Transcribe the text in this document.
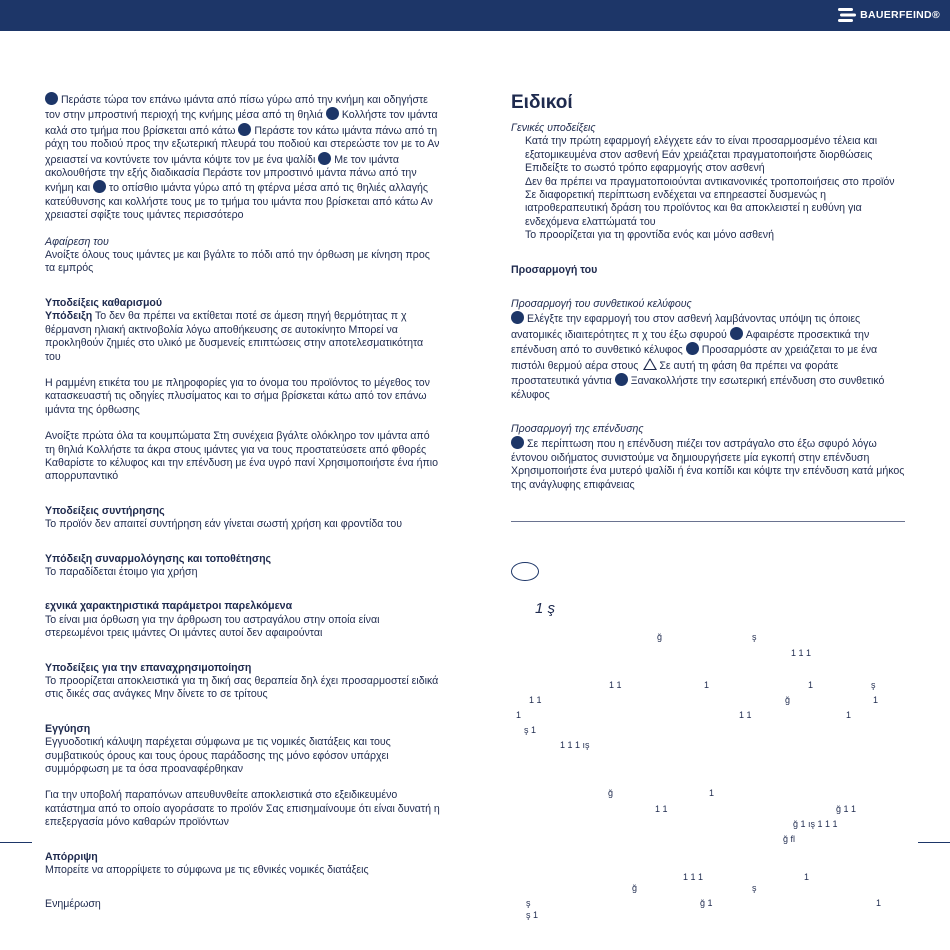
BAUERFEIND®

Περάστε τώρα τον επάνω ιμάντα από πίσω γύρω από την κνήμη και οδηγήστε τον στην μπροστινή περιοχή της κνήμης μέσα από τη θηλιά Κολλήστε τον ιμάντα καλά στο τμήμα που βρίσκεται από κάτω Περάστε τον κάτω ιμάντα πάνω από τη ράχη του ποδιού προς την εξωτερική πλευρά του ποδιού και στερεώστε τον με το Αν χρειαστεί να κοντύνετε τον ιμάντα κόψτε τον με ένα ψαλίδι Με τον ιμάντα ακολουθήστε την εξής διαδικασία Περάστε τον μπροστινό ιμάντα πάνω από την κνήμη και το οπίσθιο ιμάντα γύρω από τη φτέρνα μέσα από τις θηλιές αλλαγής κατεύθυνσης και κολλήστε τους με το τμήμα του ιμάντα που βρίσκεται από κάτω Αν χρειαστεί σφίξτε τους ιμάντες περισσότερο

Αφαίρεση του

Ανοίξτε όλους τους ιμάντες με και βγάλτε το πόδι από την όρθωση με κίνηση προς τα εμπρός

Υποδείξεις καθαρισμού

Υπόδειξη Το δεν θα πρέπει να εκτίθεται ποτέ σε άμεση πηγή θερμότητας π χ θέρμανση ηλιακή ακτινοβολία λόγω αποθήκευσης σε αυτοκίνητο Μπορεί να προκληθούν ζημιές στο υλικό με δυσμενείς επιπτώσεις στην αποτελεσματικότητα του

Η ραμμένη ετικέτα του με πληροφορίες για το όνομα του προϊόντος το μέγεθος τον κατασκευαστή τις οδηγίες πλυσίματος και το σήμα βρίσκεται κάτω από τον επάνω ιμάντα της όρθωσης

Ανοίξτε πρώτα όλα τα κουμπώματα Στη συνέχεια βγάλτε ολόκληρο τον ιμάντα από τη θηλιά Κολλήστε τα άκρα στους ιμάντες για να τους προστατεύσετε από φθορές Καθαρίστε το κέλυφος και την επένδυση με ένα υγρό πανί Χρησιμοποιήστε ένα ήπιο απορρυπαντικό

Υποδείξεις συντήρησης

Το προϊόν δεν απαιτεί συντήρηση εάν γίνεται σωστή χρήση και φροντίδα του

Υπόδειξη συναρμολόγησης και τοποθέτησης

Το παραδίδεται έτοιμο για χρήση

εχνικά χαρακτηριστικά παράμετροι παρελκόμενα

Το είναι μια όρθωση για την άρθρωση του αστραγάλου στην οποία είναι στερεωμένοι τρεις ιμάντες Οι ιμάντες αυτοί δεν αφαιρούνται

Υποδείξεις για την επαναχρησιμοποίηση

Το προορίζεται αποκλειστικά για τη δική σας θεραπεία δηλ έχει προσαρμοστεί ειδικά στις δικές σας ανάγκες Μην δίνετε το σε τρίτους

Εγγύηση

Εγγυοδοτική κάλυψη παρέχεται σύμφωνα με τις νομικές διατάξεις και τους συμβατικούς όρους και τους όρους παράδοσης της μόνο εφόσον υπάρχει συμμόρφωση με τα όσα προαναφέρθηκαν

Για την υποβολή παραπόνων απευθυνθείτε αποκλειστικά στο εξειδικευμένο κατάστημα από το οποίο αγοράσατε το προϊόν Σας επισημαίνουμε ότι είναι δυνατή η επεξεργασία μόνο καθαρών προϊόντων

Απόρριψη

Μπορείτε να απορρίψετε το σύμφωνα με τις εθνικές νομικές διατάξεις

Ενημέρωση

Ειδικοί

Γενικές υποδείξεις

Κατά την πρώτη εφαρμογή ελέγχετε εάν το είναι προσαρμοσμένο τέλεια και εξατομικευμένα στον ασθενή Εάν χρειάζεται πραγματοποιήστε διορθώσεις

Επιδείξτε το σωστό τρόπο εφαρμογής στον ασθενή

Δεν θα πρέπει να πραγματοποιούνται αντικανονικές τροποποιήσεις στο προϊόν Σε διαφορετική περίπτωση ενδέχεται να επηρεαστεί δυσμενώς η ιατροθεραπευτική δράση του προϊόντος και θα αποκλειστεί η ευθύνη για ενδεχόμενα ελαττώματά του

Το προορίζεται για τη φροντίδα ενός και μόνο ασθενή

Προσαρμογή του

Προσαρμογή του συνθετικού κελύφους

Ελέγξτε την εφαρμογή του στον ασθενή λαμβάνοντας υπόψη τις όποιες ανατομικές ιδιαιτερότητες π χ του έξω σφυρού Αφαιρέστε προσεκτικά την επένδυση από το συνθετικό κέλυφος Προσαρμόστε αν χρειάζεται το με ένα πιστόλι θερμού αέρα στους Σε αυτή τη φάση θα πρέπει να φοράτε προστατευτικά γάντια Ξανακολλήστε την εσωτερική επένδυση στο συνθετικό κέλυφος

Προσαρμογή της επένδυσης

Σε περίπτωση που η επένδυση πιέζει τον αστράγαλο στο έξω σφυρό λόγω έντονου οιδήματος συνιστούμε να δημιουργήσετε μία εγκοπή στην επένδυση Χρησιμοποιήστε ένα μυτερό ψαλίδι ή ένα κοπίδι και κόψτε την επένδυση κατά μήκος της ανάγλυφης επιφάνειας

1 ş
ğ	ş
1 1 1
1 1	1	1	ş
1 1	ğ	1
1	1 1	1
ş 1
1 1 1 ış
ğ	1
1 1	ğ 1 1
ğ 1 ış 1 1 1
ğ fl
1 1 1	1
ğ	ş
ş	ğ 1	1
ş 1
